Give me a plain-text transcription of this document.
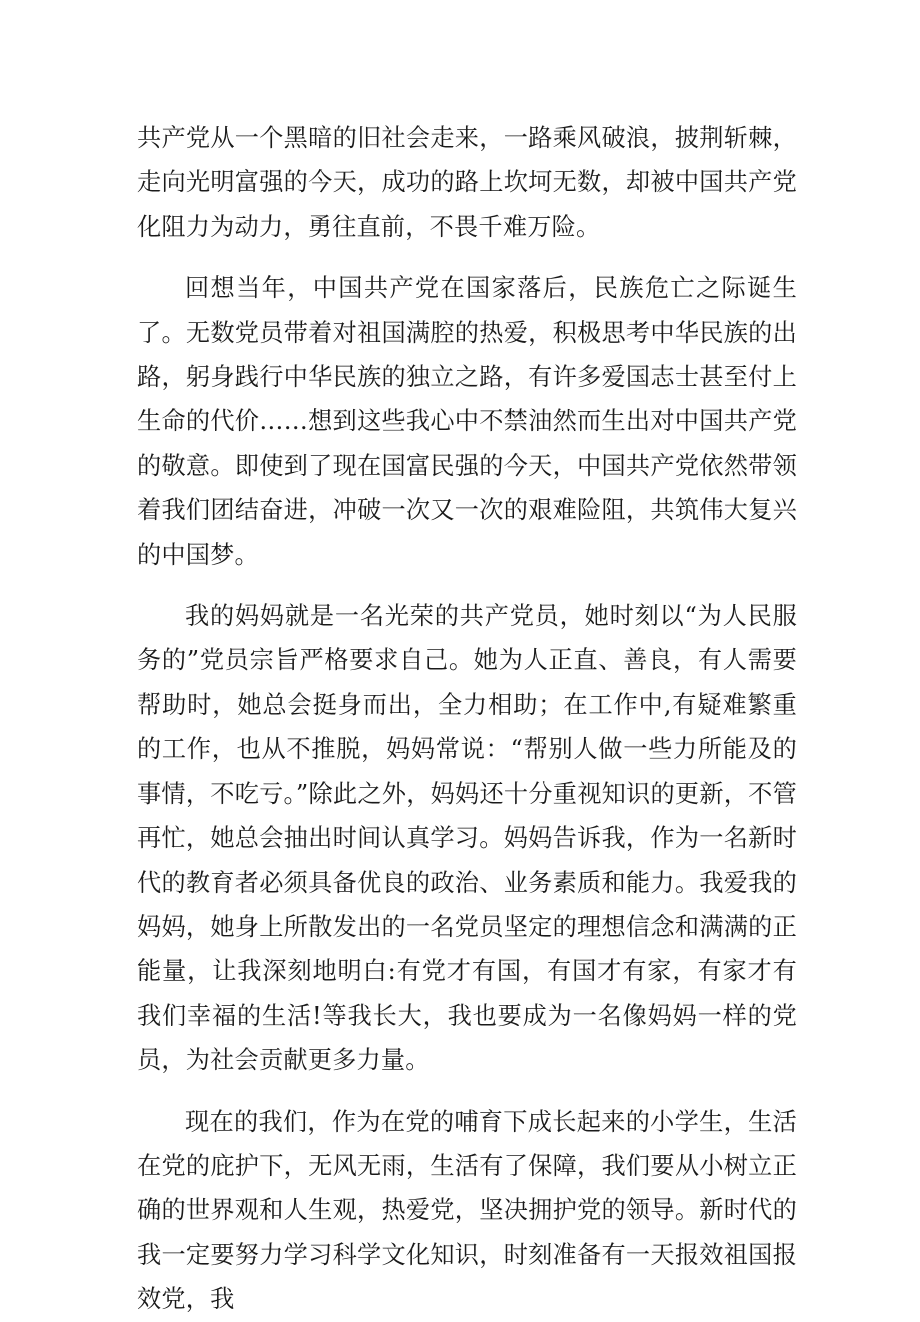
共产党从一个黑暗的旧社会走来，一路乘风破浪，披荆斩棘，走向光明富强的今天，成功的路上坎坷无数，却被中国共产党化阻力为动力，勇往直前，不畏千难万险。

回想当年，中国共产党在国家落后，民族危亡之际诞生了。无数党员带着对祖国满腔的热爱，积极思考中华民族的出路，躬身践行中华民族的独立之路，有许多爱国志士甚至付上生命的代价……想到这些我心中不禁油然而生出对中国共产党的敬意。即使到了现在国富民强的今天，中国共产党依然带领着我们团结奋进，冲破一次又一次的艰难险阻，共筑伟大复兴的中国梦。

我的妈妈就是一名光荣的共产党员，她时刻以“为人民服务的”党员宗旨严格要求自己。她为人正直、善良，有人需要帮助时，她总会挺身而出，全力相助；在工作中,有疑难繁重的工作，也从不推脱，妈妈常说：“帮别人做一些力所能及的事情，不吃亏。”除此之外，妈妈还十分重视知识的更新，不管再忙，她总会抽出时间认真学习。妈妈告诉我，作为一名新时代的教育者必须具备优良的政治、业务素质和能力。我爱我的妈妈，她身上所散发出的一名党员坚定的理想信念和满满的正能量，让我深刻地明白:有党才有国，有国才有家，有家才有我们幸福的生活!等我长大，我也要成为一名像妈妈一样的党员，为社会贡献更多力量。

现在的我们，作为在党的哺育下成长起来的小学生，生活在党的庇护下，无风无雨，生活有了保障，我们要从小树立正确的世界观和人生观，热爱党，坚决拥护党的领导。新时代的我一定要努力学习科学文化知识，时刻准备有一天报效祖国报效党，我
